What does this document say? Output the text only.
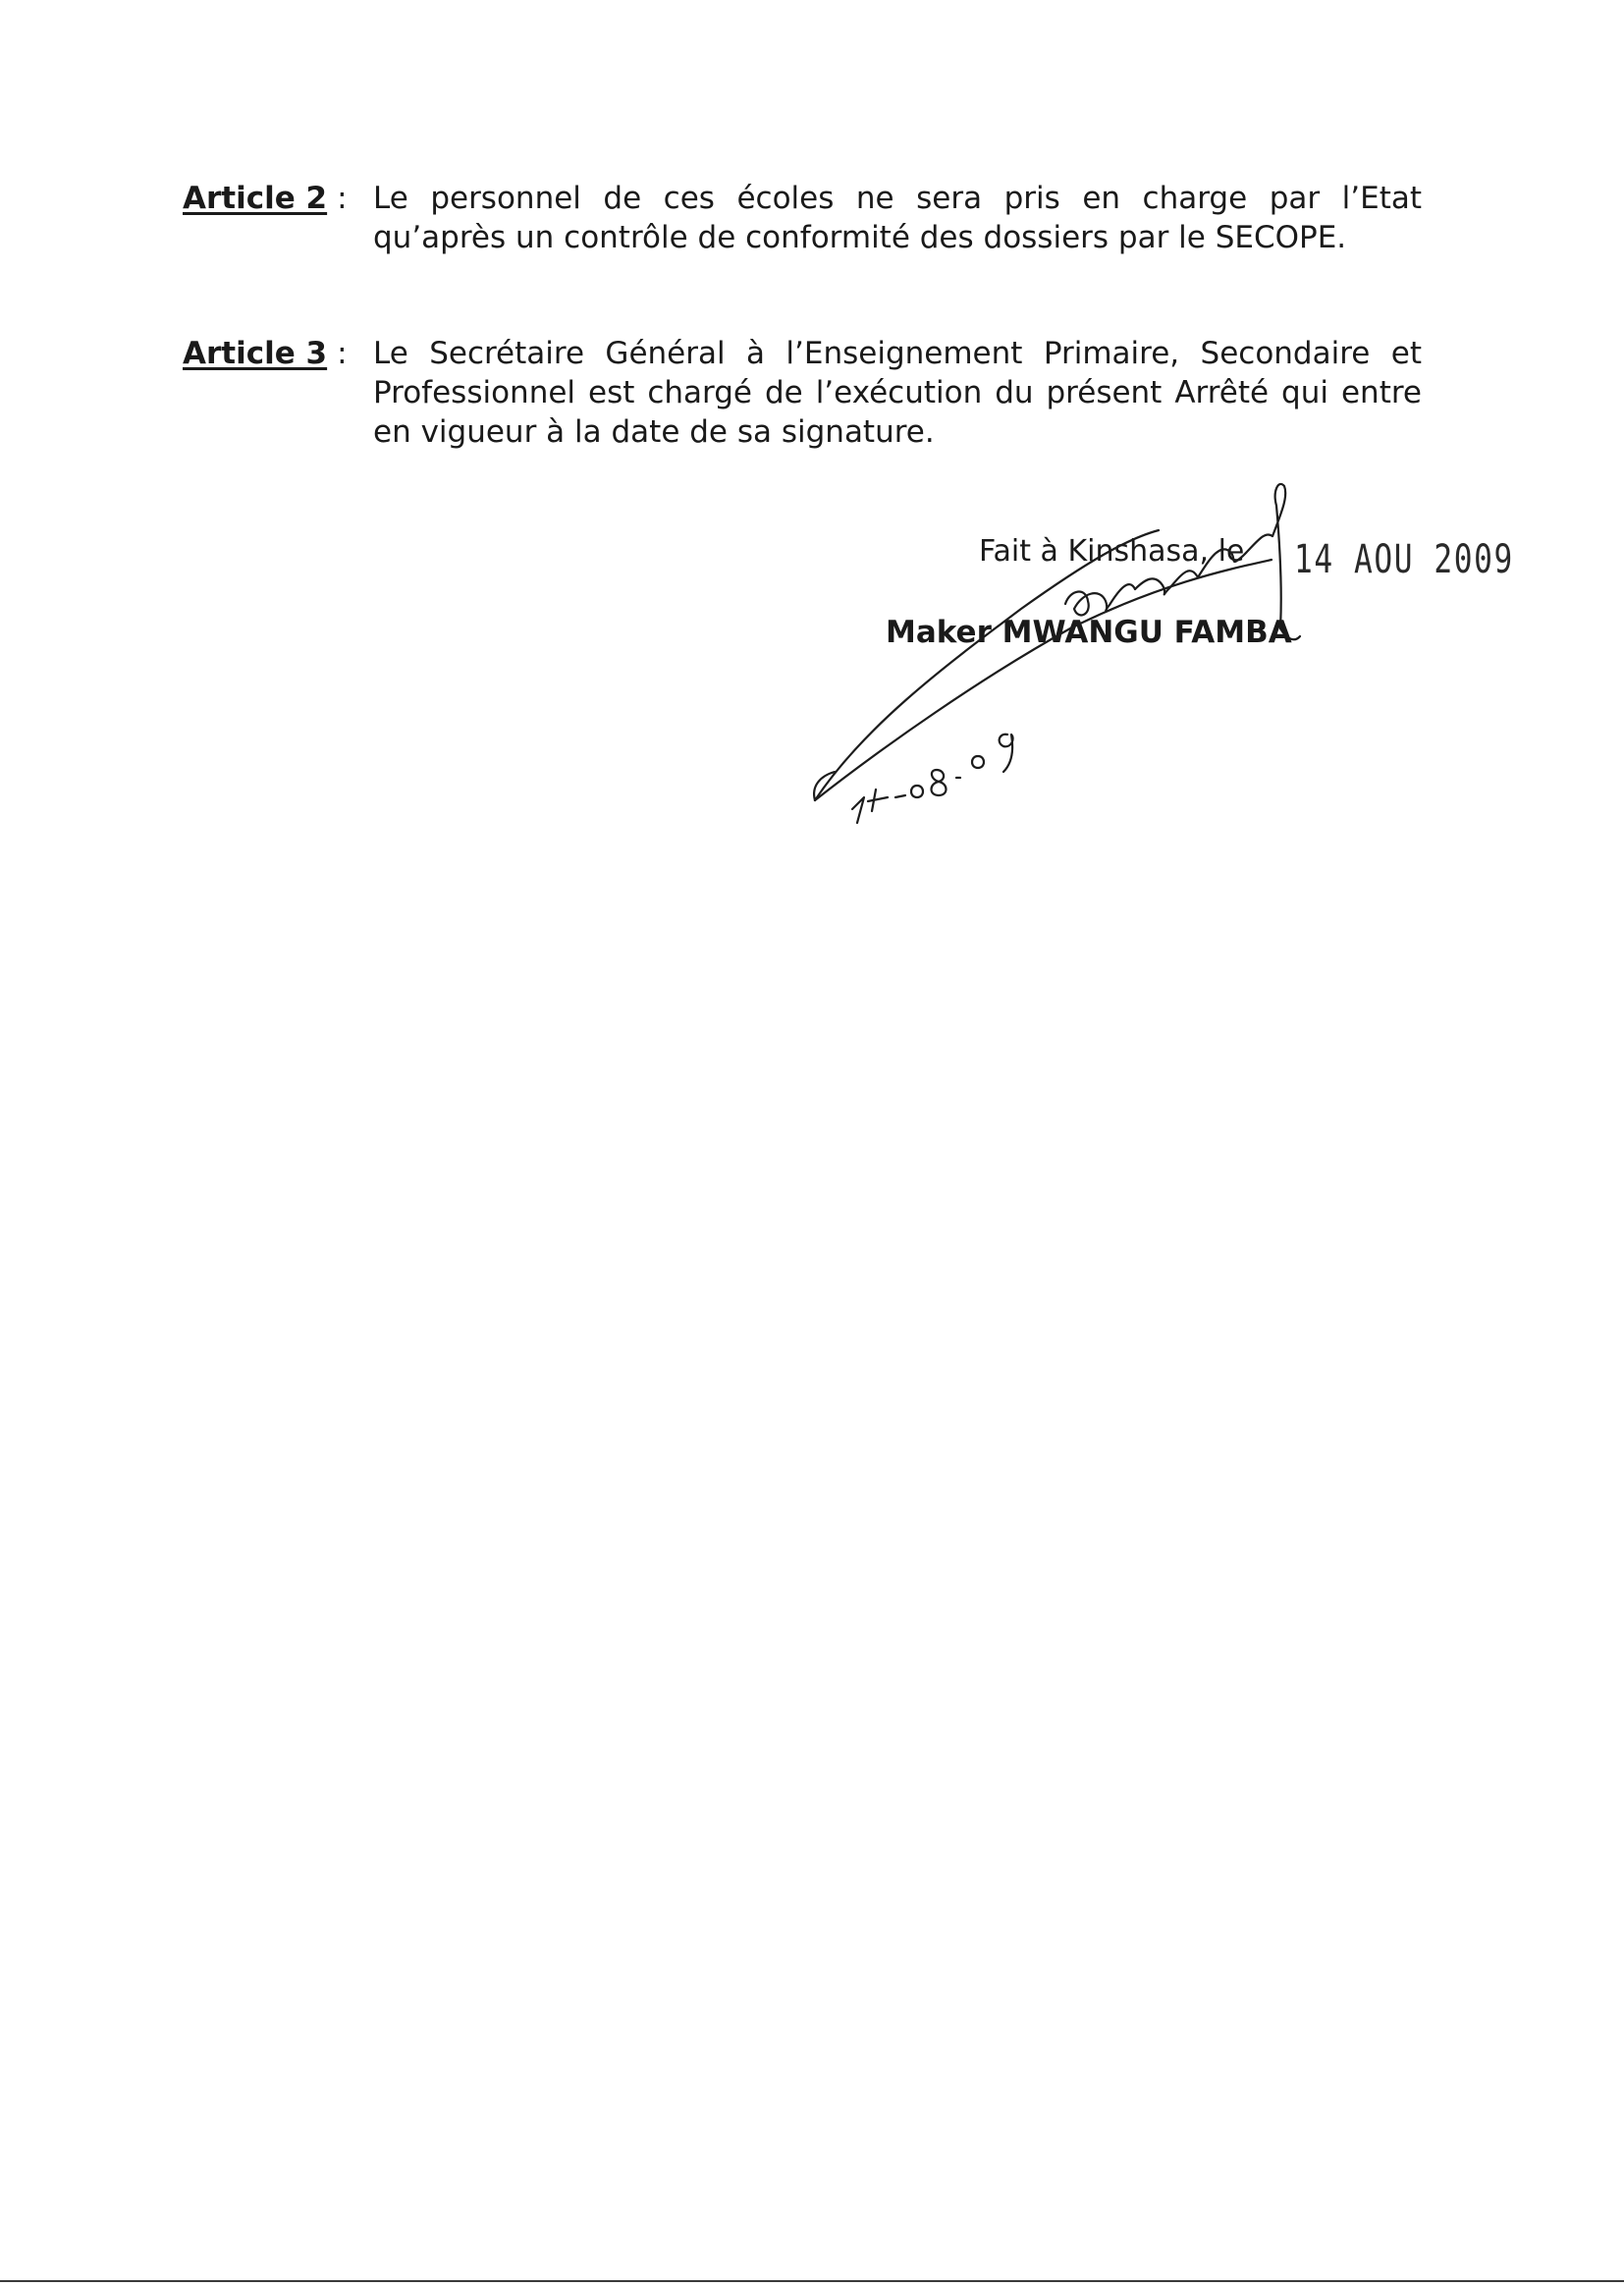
Article 2 : Le personnel de ces écoles ne sera pris en charge par l’Etat qu’après un contrôle de conformité des dossiers par le SECOPE.
Article 3 : Le Secrétaire Général à l’Enseignement Primaire, Secondaire et Professionnel est chargé de l’exécution du présent Arrêté qui entre en vigueur à la date de sa signature.
Fait à Kinshasa, le 14 AOU 2009
Maker MWANGU FAMBA
